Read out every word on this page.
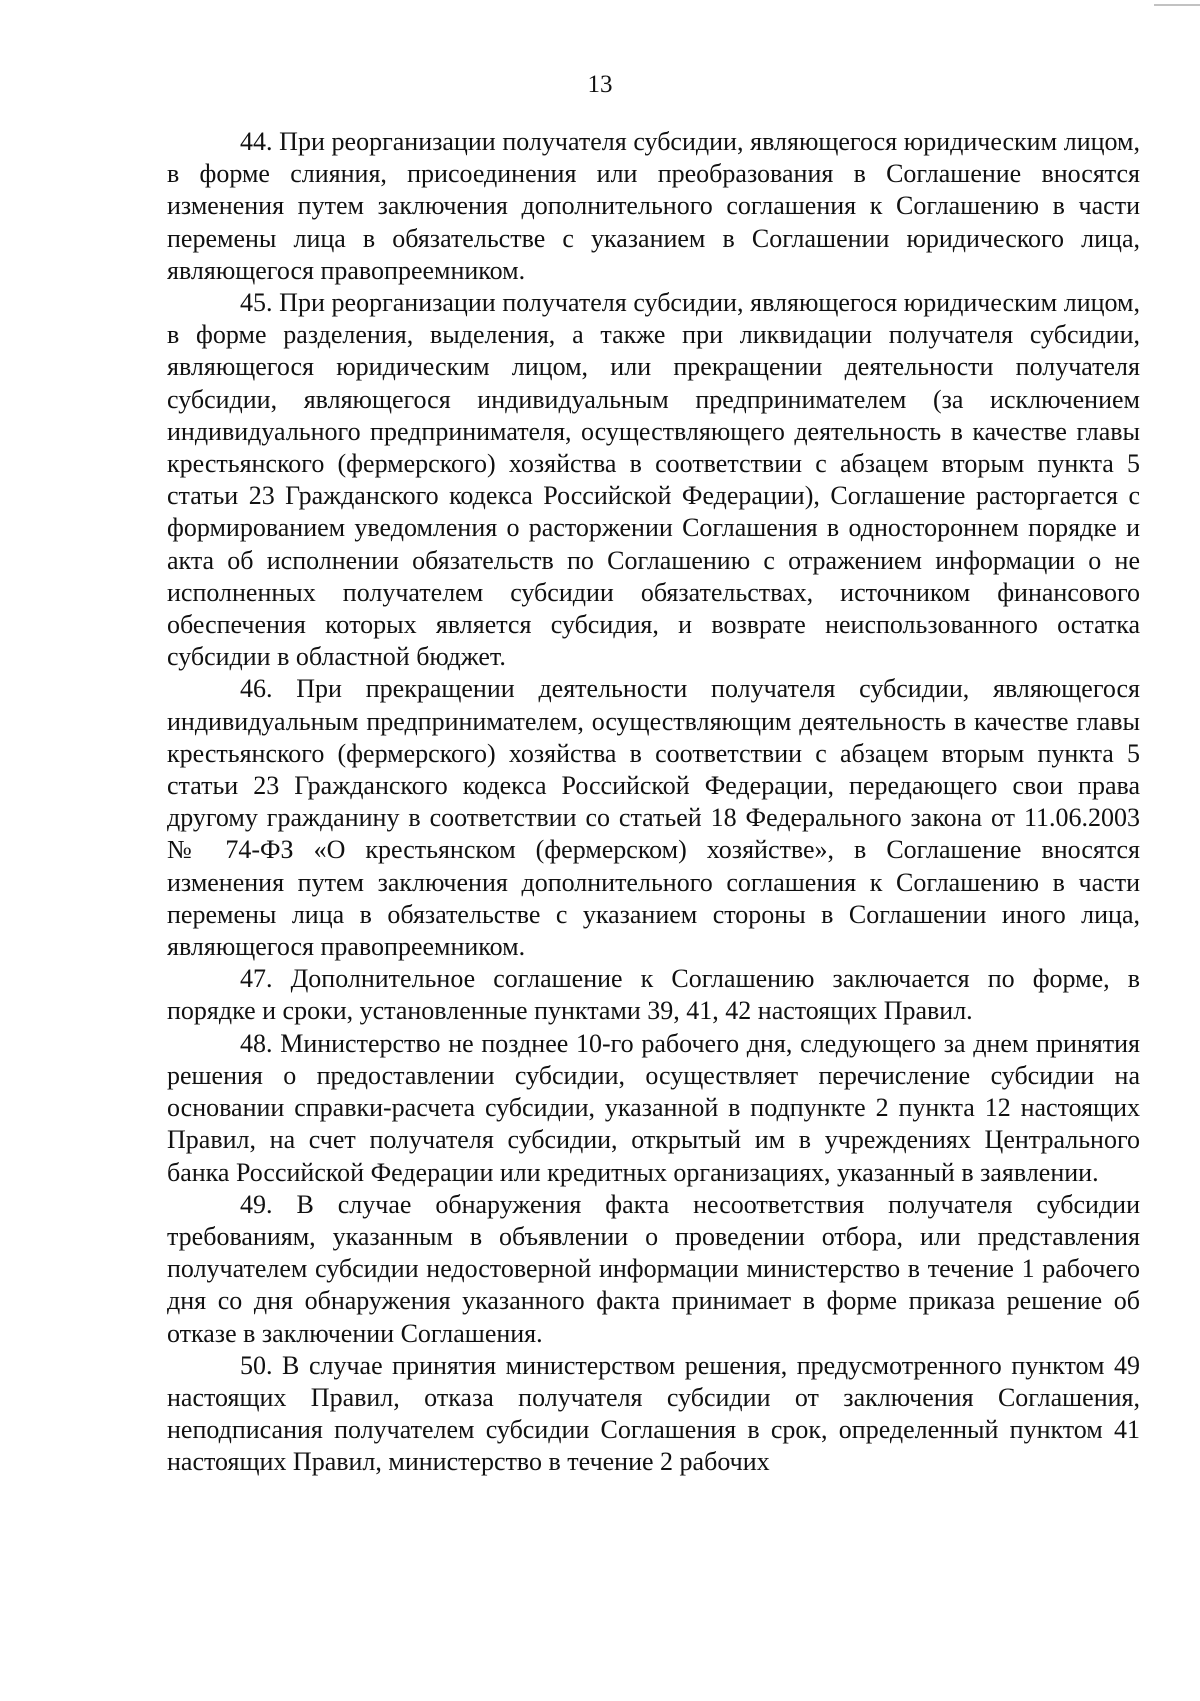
13

44. При реорганизации получателя субсидии, являющегося юридическим лицом, в форме слияния, присоединения или преобразования в Соглашение вносятся изменения путем заключения дополнительного соглашения к Соглашению в части перемены лица в обязательстве с указанием в Соглашении юридического лица, являющегося правопреемником.

45. При реорганизации получателя субсидии, являющегося юридическим лицом, в форме разделения, выделения, а также при ликвидации получателя субсидии, являющегося юридическим лицом, или прекращении деятельности получателя субсидии, являющегося индивидуальным предпринимателем (за исключением индивидуального предпринимателя, осуществляющего деятельность в качестве главы крестьянского (фермерского) хозяйства в соответствии с абзацем вторым пункта 5 статьи 23 Гражданского кодекса Российской Федерации), Соглашение расторгается с формированием уведомления о расторжении Соглашения в одностороннем порядке и акта об исполнении обязательств по Соглашению с отражением информации о не исполненных получателем субсидии обязательствах, источником финансового обеспечения которых является субсидия, и возврате неиспользованного остатка субсидии в областной бюджет.

46. При прекращении деятельности получателя субсидии, являющегося индивидуальным предпринимателем, осуществляющим деятельность в качестве главы крестьянского (фермерского) хозяйства в соответствии с абзацем вторым пункта 5 статьи 23 Гражданского кодекса Российской Федерации, передающего свои права другому гражданину в соответствии со статьей 18 Федерального закона от 11.06.2003 № 74-ФЗ «О крестьянском (фермерском) хозяйстве», в Соглашение вносятся изменения путем заключения дополнительного соглашения к Соглашению в части перемены лица в обязательстве с указанием стороны в Соглашении иного лица, являющегося правопреемником.

47. Дополнительное соглашение к Соглашению заключается по форме, в порядке и сроки, установленные пунктами 39, 41, 42 настоящих Правил.

48. Министерство не позднее 10-го рабочего дня, следующего за днем принятия решения о предоставлении субсидии, осуществляет перечисление субсидии на основании справки-расчета субсидии, указанной в подпункте 2 пункта 12 настоящих Правил, на счет получателя субсидии, открытый им в учреждениях Центрального банка Российской Федерации или кредитных организациях, указанный в заявлении.

49. В случае обнаружения факта несоответствия получателя субсидии требованиям, указанным в объявлении о проведении отбора, или представления получателем субсидии недостоверной информации министерство в течение 1 рабочего дня со дня обнаружения указанного факта принимает в форме приказа решение об отказе в заключении Соглашения.

50. В случае принятия министерством решения, предусмотренного пунктом 49 настоящих Правил, отказа получателя субсидии от заключения Соглашения, неподписания получателем субсидии Соглашения в срок, определенный пунктом 41 настоящих Правил, министерство в течение 2 рабочих
